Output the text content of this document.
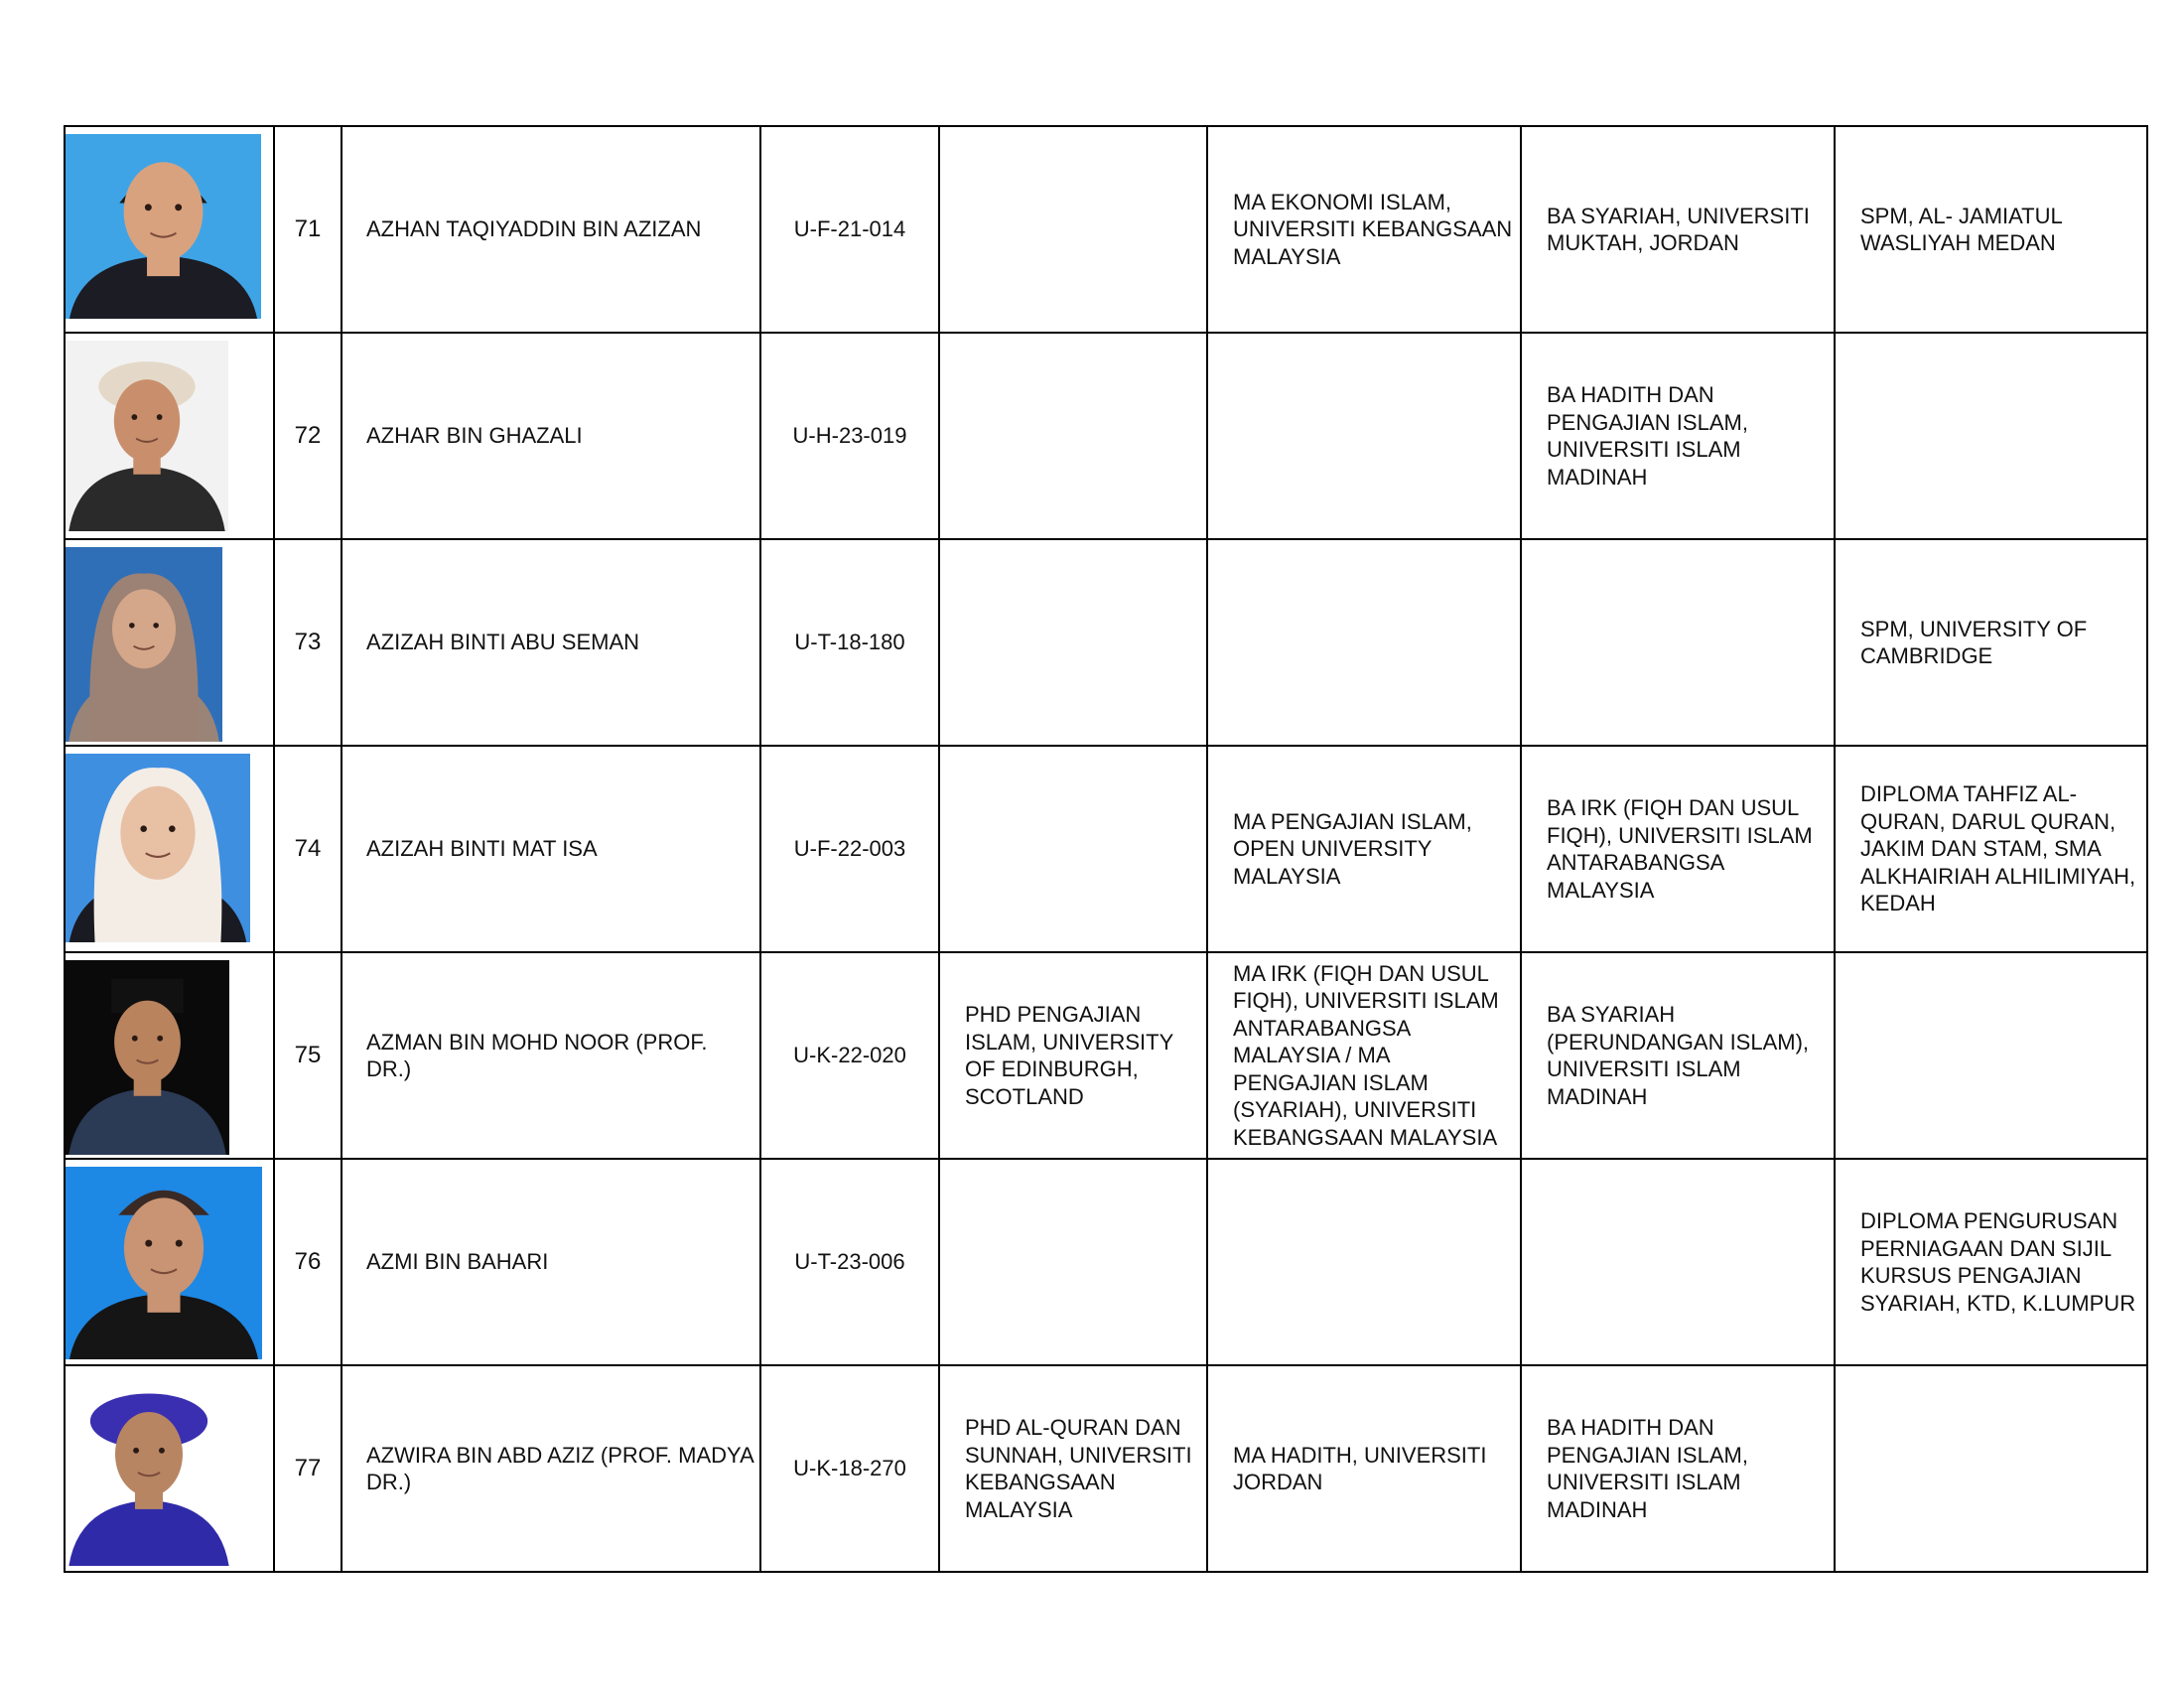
71	AZHAN TAQIYADDIN BIN AZIZAN	U-F-21-014		MA EKONOMI ISLAM, UNIVERSITI KEBANGSAAN MALAYSIA	BA SYARIAH, UNIVERSITI MUKTAH, JORDAN	SPM, AL- JAMIATUL WASLIYAH MEDAN

72	AZHAR BIN GHAZALI	U-H-23-019			BA HADITH DAN PENGAJIAN ISLAM, UNIVERSITI ISLAM MADINAH	

73	AZIZAH BINTI ABU SEMAN	U-T-18-180				SPM, UNIVERSITY OF CAMBRIDGE

74	AZIZAH BINTI MAT ISA	U-F-22-003		MA PENGAJIAN ISLAM, OPEN UNIVERSITY MALAYSIA	BA IRK (FIQH DAN USUL FIQH), UNIVERSITI ISLAM ANTARABANGSA MALAYSIA	DIPLOMA TAHFIZ AL-QURAN, DARUL QURAN, JAKIM DAN STAM, SMA ALKHAIRIAH ALHILIMIYAH, KEDAH

75	AZMAN BIN MOHD NOOR (PROF. DR.)	U-K-22-020	PHD PENGAJIAN ISLAM, UNIVERSITY OF EDINBURGH, SCOTLAND	MA IRK (FIQH DAN USUL FIQH), UNIVERSITI ISLAM ANTARABANGSA MALAYSIA / MA PENGAJIAN ISLAM (SYARIAH), UNIVERSITI KEBANGSAAN MALAYSIA	BA SYARIAH (PERUNDANGAN ISLAM), UNIVERSITI ISLAM MADINAH	

76	AZMI BIN BAHARI	U-T-23-006				DIPLOMA PENGURUSAN PERNIAGAAN DAN SIJIL KURSUS PENGAJIAN SYARIAH, KTD, K.LUMPUR

77	AZWIRA BIN ABD AZIZ (PROF. MADYA DR.)	U-K-18-270	PHD AL-QURAN DAN SUNNAH, UNIVERSITI KEBANGSAAN MALAYSIA	MA HADITH, UNIVERSITI JORDAN	BA HADITH DAN PENGAJIAN ISLAM, UNIVERSITI ISLAM MADINAH	
